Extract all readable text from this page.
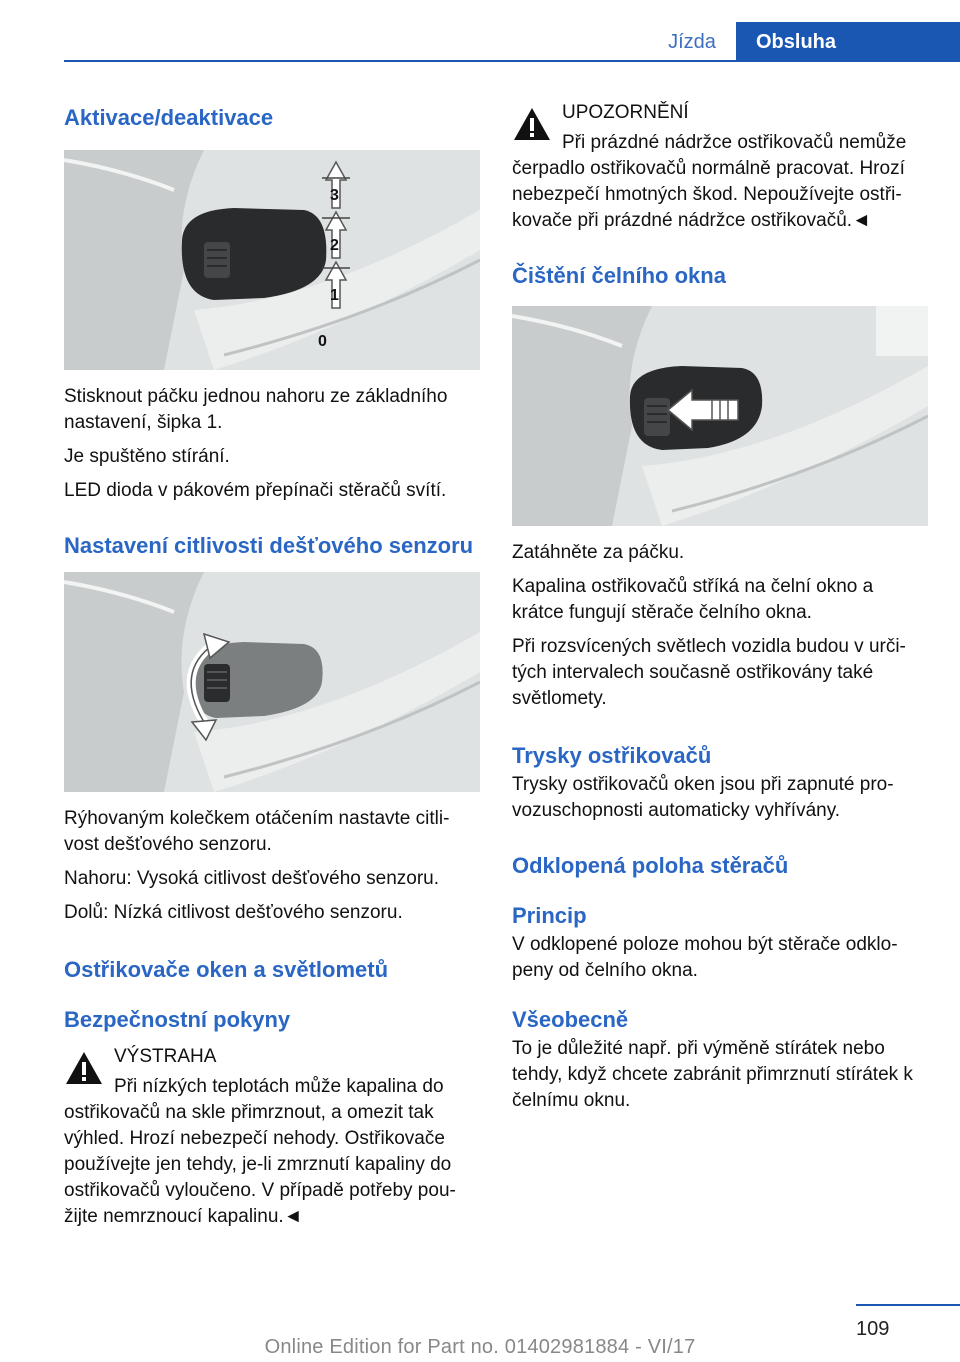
Jízda	Obsluha
Aktivace/deaktivace
1
2
3
0

Stisknout páčku jednou nahoru ze základního nastavení, šipka 1.

Je spuštěno stírání.

LED dioda v pákovém přepínači stěračů svítí.

Nastavení citlivosti dešťového senzoru

Rýhovaným kolečkem otáčením nastavte citli‐vost dešťového senzoru.

Nahoru: Vysoká citlivost dešťového senzoru.

Dolů: Nízká citlivost dešťového senzoru.

Ostřikovače oken a světlometů
Bezpečnostní pokyny

VÝSTRAHA

Při nízkých teplotách může kapalina do ostřikovačů na skle přimrznout, a omezit tak výhled. Hrozí nebezpečí nehody. Ostřikovače používejte jen tehdy, je-li zmrznutí kapaliny do ostřikovačů vyloučeno. V případě potřeby pou‐žijte nemrznoucí kapalinu.◄

UPOZORNĚNÍ

Při prázdné nádržce ostřikovačů nemůže čerpadlo ostřikovačů normálně pracovat. Hrozí nebezpečí hmotných škod. Nepoužívejte ostři‐kovače při prázdné nádržce ostřikovačů.◄

Čištění čelního okna

Zatáhněte za páčku.

Kapalina ostřikovačů stříká na čelní okno a krátce fungují stěrače čelního okna.

Při rozsvícených světlech vozidla budou v urči‐tých intervalech současně ostřikovány také světlomety.

Trysky ostřikovačů

Trysky ostřikovačů oken jsou při zapnuté pro‐vozuschopnosti automaticky vyhřívány.

Odklopená poloha stěračů
Princip

V odklopené poloze mohou být stěrače odklo‐peny od čelního okna.

Všeobecně

To je důležité např. při výměně stírátek nebo tehdy, když chcete zabránit přimrznutí stírátek k čelnímu oknu.

109
Online Edition for Part no. 01402981884 - VI/17
